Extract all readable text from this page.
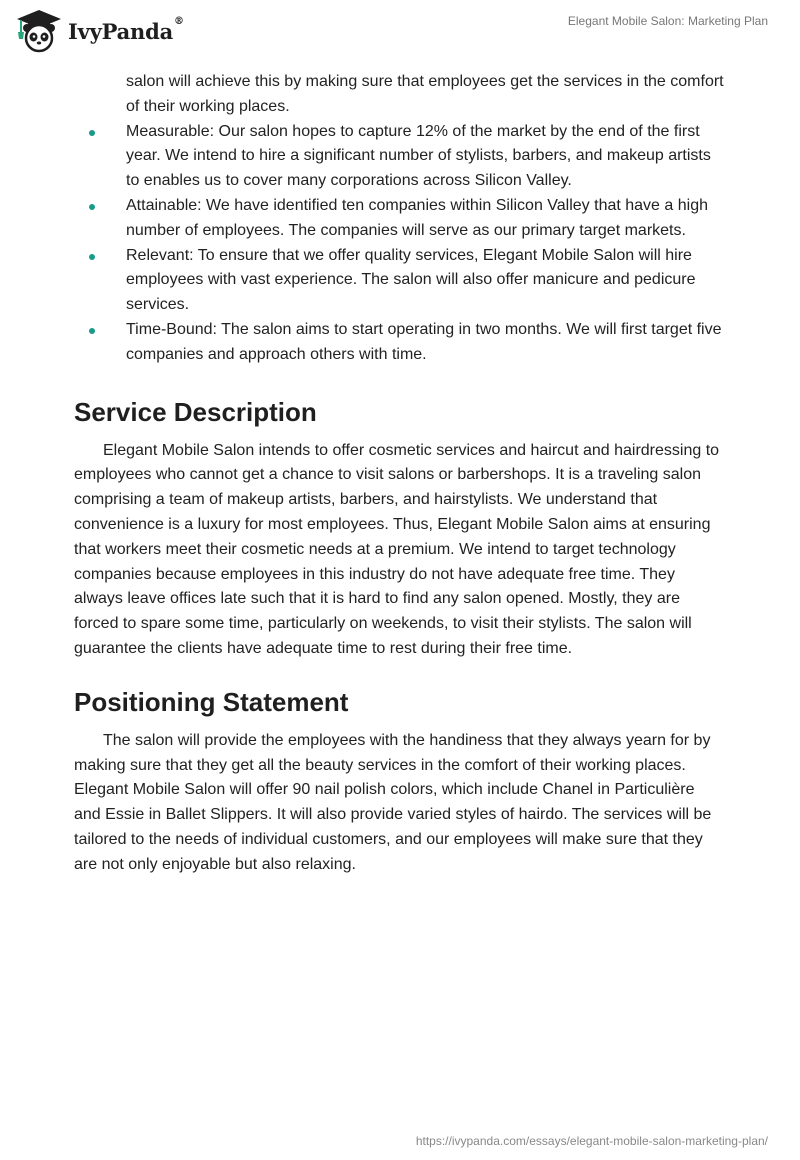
IvyPanda®	Elegant Mobile Salon: Marketing Plan
salon will achieve this by making sure that employees get the services in the comfort of their working places.
Measurable: Our salon hopes to capture 12% of the market by the end of the first year. We intend to hire a significant number of stylists, barbers, and makeup artists to enables us to cover many corporations across Silicon Valley.
Attainable: We have identified ten companies within Silicon Valley that have a high number of employees. The companies will serve as our primary target markets.
Relevant: To ensure that we offer quality services, Elegant Mobile Salon will hire employees with vast experience. The salon will also offer manicure and pedicure services.
Time-Bound: The salon aims to start operating in two months. We will first target five companies and approach others with time.
Service Description

Elegant Mobile Salon intends to offer cosmetic services and haircut and hairdressing to employees who cannot get a chance to visit salons or barbershops. It is a traveling salon comprising a team of makeup artists, barbers, and hairstylists. We understand that convenience is a luxury for most employees. Thus, Elegant Mobile Salon aims at ensuring that workers meet their cosmetic needs at a premium. We intend to target technology companies because employees in this industry do not have adequate free time. They always leave offices late such that it is hard to find any salon opened. Mostly, they are forced to spare some time, particularly on weekends, to visit their stylists. The salon will guarantee the clients have adequate time to rest during their free time.

Positioning Statement

The salon will provide the employees with the handiness that they always yearn for by making sure that they get all the beauty services in the comfort of their working places. Elegant Mobile Salon will offer 90 nail polish colors, which include Chanel in Particulière and Essie in Ballet Slippers. It will also provide varied styles of hairdo. The services will be tailored to the needs of individual customers, and our employees will make sure that they are not only enjoyable but also relaxing.

https://ivypanda.com/essays/elegant-mobile-salon-marketing-plan/
